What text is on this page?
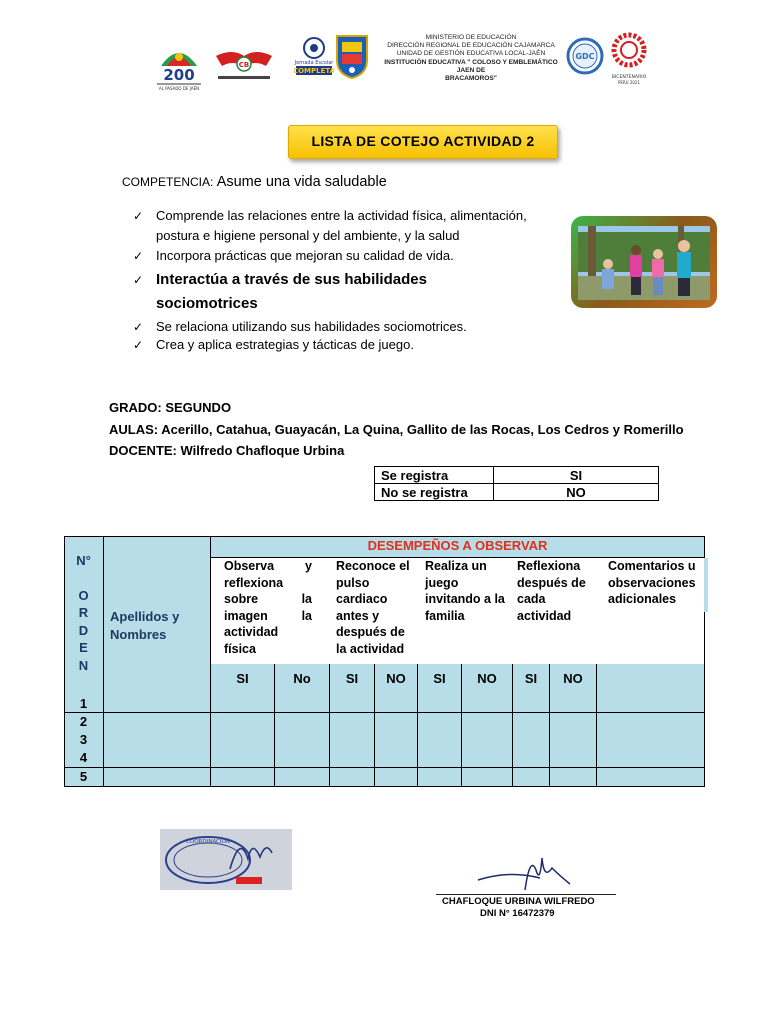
200
AL PASADO DE JAÉN
CB	Jornada Escolar
COMPLETA
MINISTERIO DE EDUCACIÓN
DIRECCIÓN REGIONAL DE EDUCACIÓN CAJAMARCA
UNIDAD DE GESTIÓN EDUCATIVA LOCAL-JAÉN
INSTITUCIÓN EDUCATIVA " COLOSO Y EMBLEMÁTICO JAEN DE
BRACAMOROS"
GDC
BICENTENARIO
PERÚ 2021
LISTA DE COTEJO ACTIVIDAD 2
COMPETENCIA: Asume una vida saludable
✓ Comprende las relaciones entre la actividad física, alimentación, postura e higiene personal y del ambiente, y la salud
✓ Incorpora prácticas que mejoran su calidad de vida.
✓ Interactúa a través de sus habilidades sociomotrices
✓ Se relaciona utilizando sus habilidades sociomotrices.
✓ Crea y aplica estrategias y tácticas de juego.
GRADO: SEGUNDO
AULAS: Acerillo, Catahua, Guayacán, La Quina, Gallito de las Rocas, Los Cedros y Romerillo
DOCENTE: Wilfredo Chafloque Urbina
Se registra	SI
No se registra	NO
N°
O
R
D
E
N
Apellidos y Nombres
DESEMPEÑOS A OBSERVAR
Observa y reflexiona sobre la imagen la actividad física
Reconoce el pulso cardiaco antes y después de la actividad
Realiza un juego invitando a la familia
Reflexiona después de cada actividad
Comentarios u observaciones adicionales
SI	No	SI	NO	SI	NO	SI	NO
1
2
3
4
5
COORDINACIÓN
CHAFLOQUE URBINA WILFREDO
DNI N° 16472379
